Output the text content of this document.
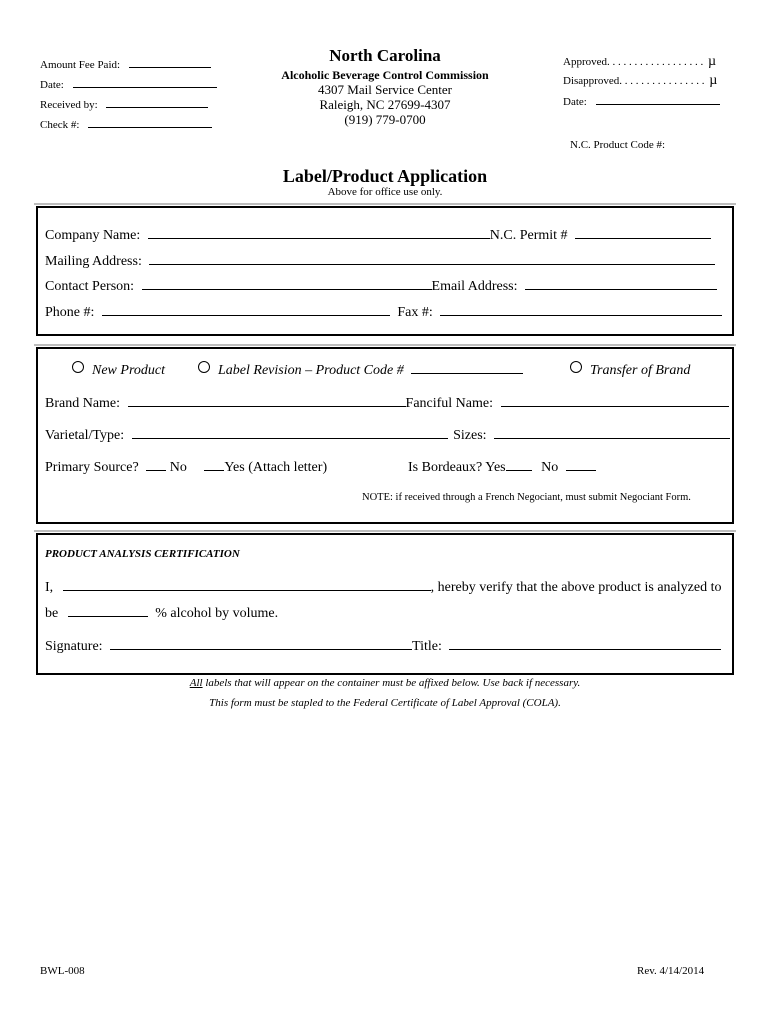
Amount Fee Paid:
Date:
Received by:
Check #:
North Carolina
Alcoholic Beverage Control Commission
4307 Mail Service Center
Raleigh, NC 27699-4307
(919) 779-0700
Approved. . . . . . . . . . . . . . . . . . µ
Disapproved. . . . . . . . . . . . . . . . µ
Date:
N.C. Product Code #:
Label/Product Application
Above for office use only.
Company Name:	N.C. Permit #
Mailing Address:
Contact Person:	Email Address:
Phone #:	Fax #:
New Product	Label Revision – Product Code #	Transfer of Brand
Brand Name:	Fanciful Name:
Varietal/Type:	Sizes:
Primary Source? No	Yes (Attach letter)	Is Bordeaux? Yes	No
NOTE: if received through a French Negociant, must submit Negociant Form.
PRODUCT ANALYSIS CERTIFICATION
I,	, hereby verify that the above product is analyzed to
be	% alcohol by volume.
Signature:	Title:
All labels that will appear on the container must be affixed below. Use back if necessary.
This form must be stapled to the Federal Certificate of Label Approval (COLA).
BWL-008	Rev. 4/14/2014
